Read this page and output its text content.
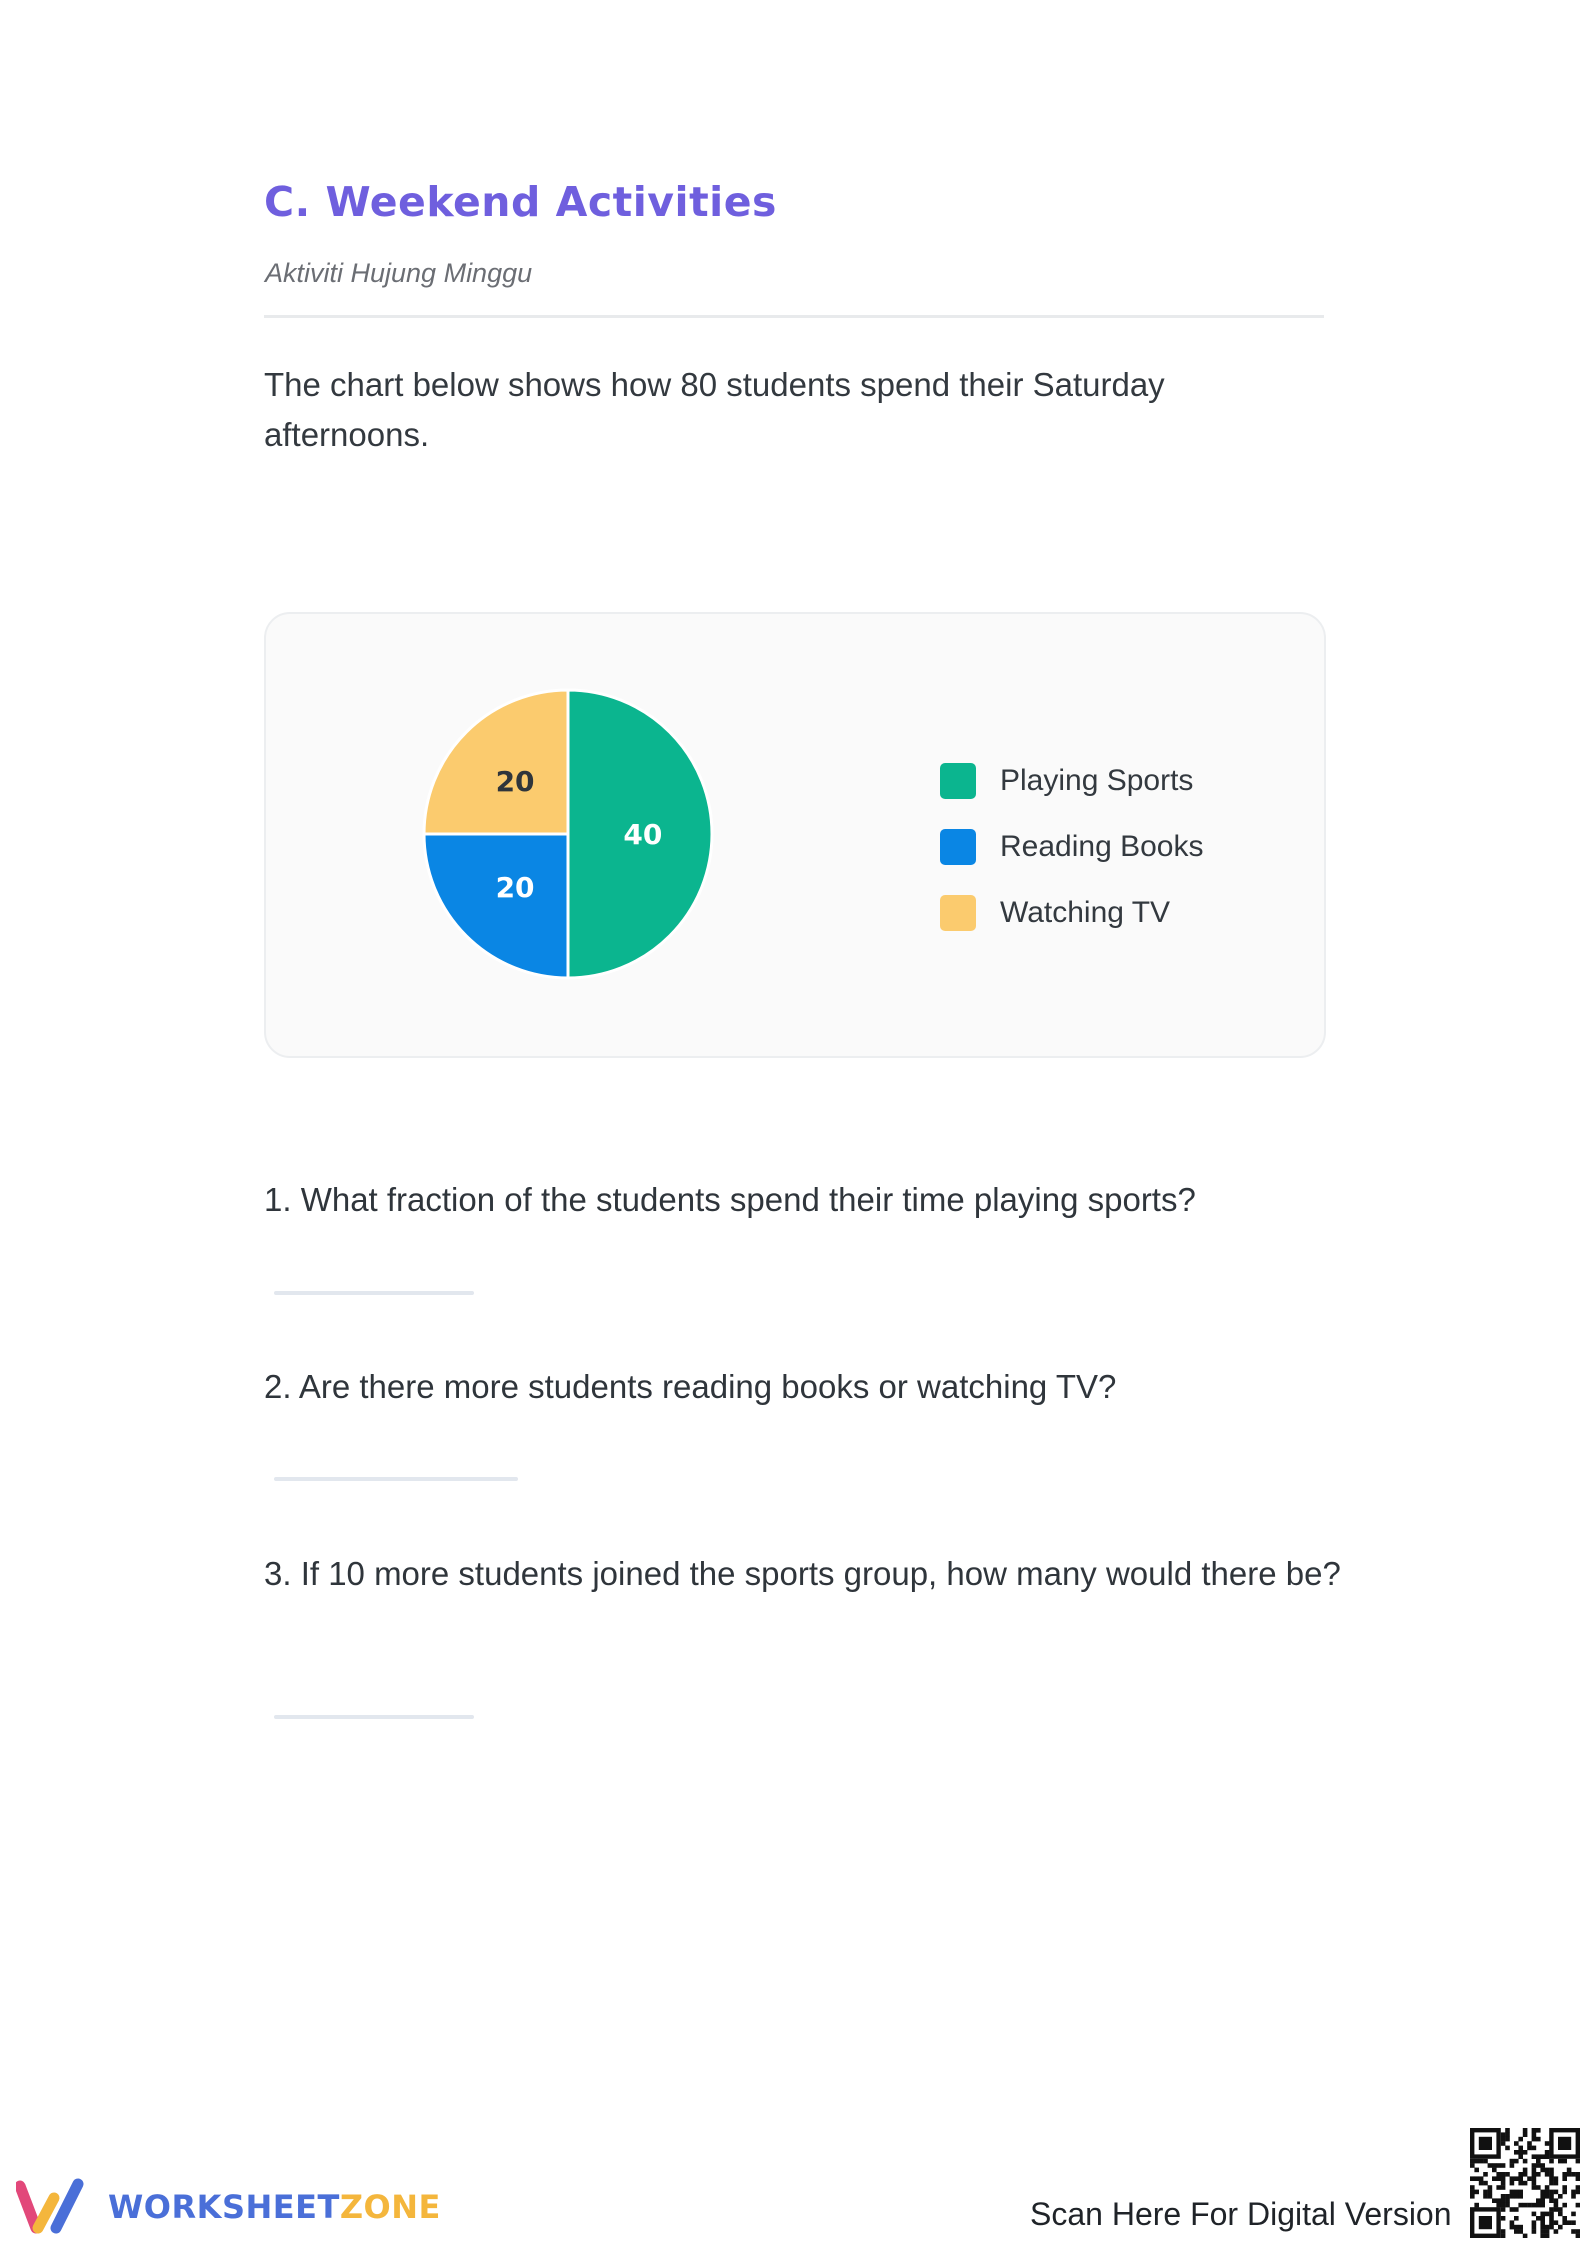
C. Weekend Activities
Aktiviti Hujung Minggu
The chart below shows how 80 students spend their Saturday afternoons.
40
20
20	Playing Sports
Reading Books
Watching TV
1. What fraction of the students spend their time playing sports?
2. Are there more students reading books or watching TV?
3. If 10 more students joined the sports group, how many would there be?
WORKSHEETZONE	Scan Here For Digital Version
